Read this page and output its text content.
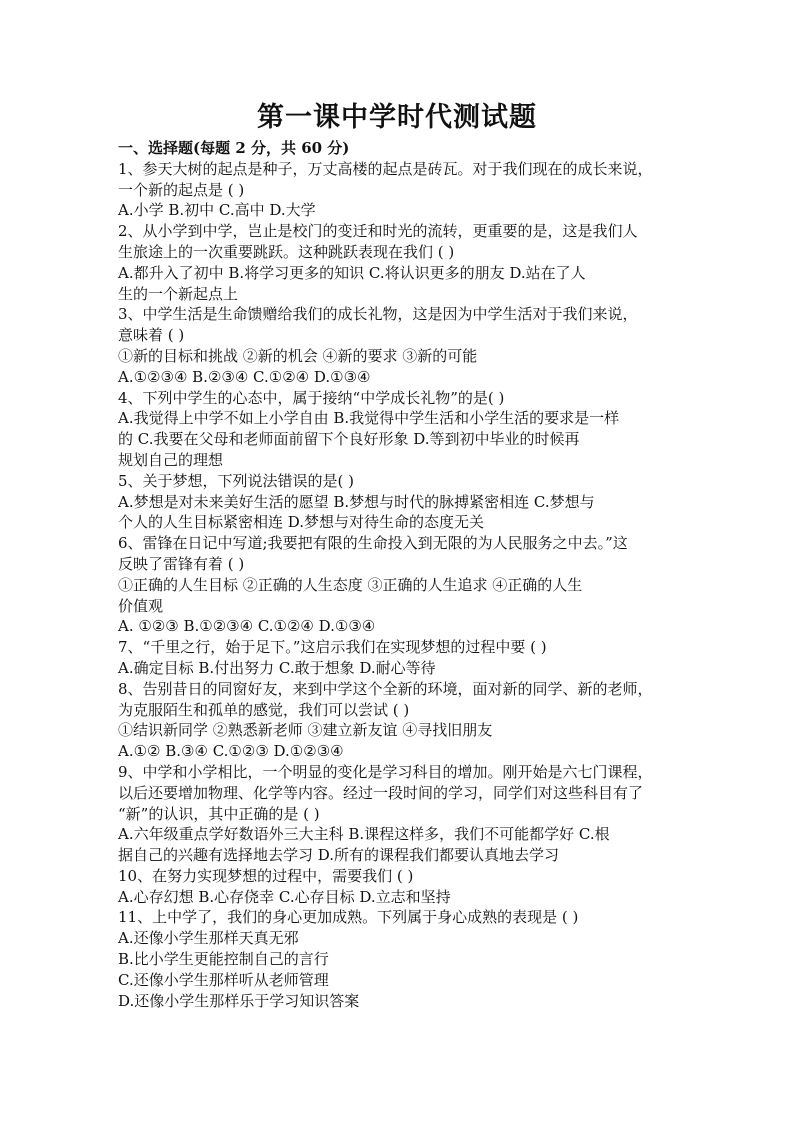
第一课中学时代测试题
一、选择题(每题 2 分，共 60 分)
1、参天大树的起点是种子，万丈高楼的起点是砖瓦。对于我们现在的成长来说，
一个新的起点是 ( )
A.小学 B.初中 C.高中 D.大学
2、从小学到中学，岂止是校门的变迁和时光的流转，更重要的是，这是我们人
生旅途上的一次重要跳跃。这种跳跃表现在我们 ( )
A.都升入了初中 B.将学习更多的知识 C.将认识更多的朋友 D.站在了人
生的一个新起点上
3、中学生活是生命馈赠给我们的成长礼物，这是因为中学生活对于我们来说，
意味着 ( )
①新的目标和挑战 ②新的机会 ④新的要求 ③新的可能
A.①②③④ B.②③④ C.①②④ D.①③④
4、下列中学生的心态中，属于接纳“中学成长礼物”的是( )
A.我觉得上中学不如上小学自由 B.我觉得中学生活和小学生活的要求是一样
的 C.我要在父母和老师面前留下个良好形象 D.等到初中毕业的时候再
规划自己的理想
5、关于梦想，下列说法错误的是( )
A.梦想是对未来美好生活的愿望 B.梦想与时代的脉搏紧密相连 C.梦想与
个人的人生目标紧密相连 D.梦想与对待生命的态度无关
6、雷锋在日记中写道;我要把有限的生命投入到无限的为人民服务之中去。”这
反映了雷锋有着 ( )
①正确的人生目标 ②正确的人生态度 ③正确的人生追求 ④正确的人生
价值观
A. ①②③ B.①②③④ C.①②④ D.①③④
7、“千里之行，始于足下。”这启示我们在实现梦想的过程中要 ( )
A.确定目标 B.付出努力 C.敢于想象 D.耐心等待
8、告别昔日的同窗好友，来到中学这个全新的环境，面对新的同学、新的老师，
为克服陌生和孤单的感觉，我们可以尝试 ( )
①结识新同学 ②熟悉新老师 ③建立新友谊 ④寻找旧朋友
A.①② B.③④ C.①②③ D.①②③④
9、中学和小学相比，一个明显的变化是学习科目的增加。刚开始是六七门课程，
以后还要增加物理、化学等内容。经过一段时间的学习，同学们对这些科目有了
“新”的认识，其中正确的是 ( )
A.六年级重点学好数语外三大主科 B.课程这样多，我们不可能都学好 C.根
据自己的兴趣有选择地去学习 D.所有的课程我们都要认真地去学习
10、在努力实现梦想的过程中，需要我们 ( )
A.心存幻想 B.心存侥幸 C.心存目标 D.立志和坚持
11、上中学了，我们的身心更加成熟。下列属于身心成熟的表现是 ( )
A.还像小学生那样天真无邪
B.比小学生更能控制自己的言行
C.还像小学生那样听从老师管理
D.还像小学生那样乐于学习知识答案
